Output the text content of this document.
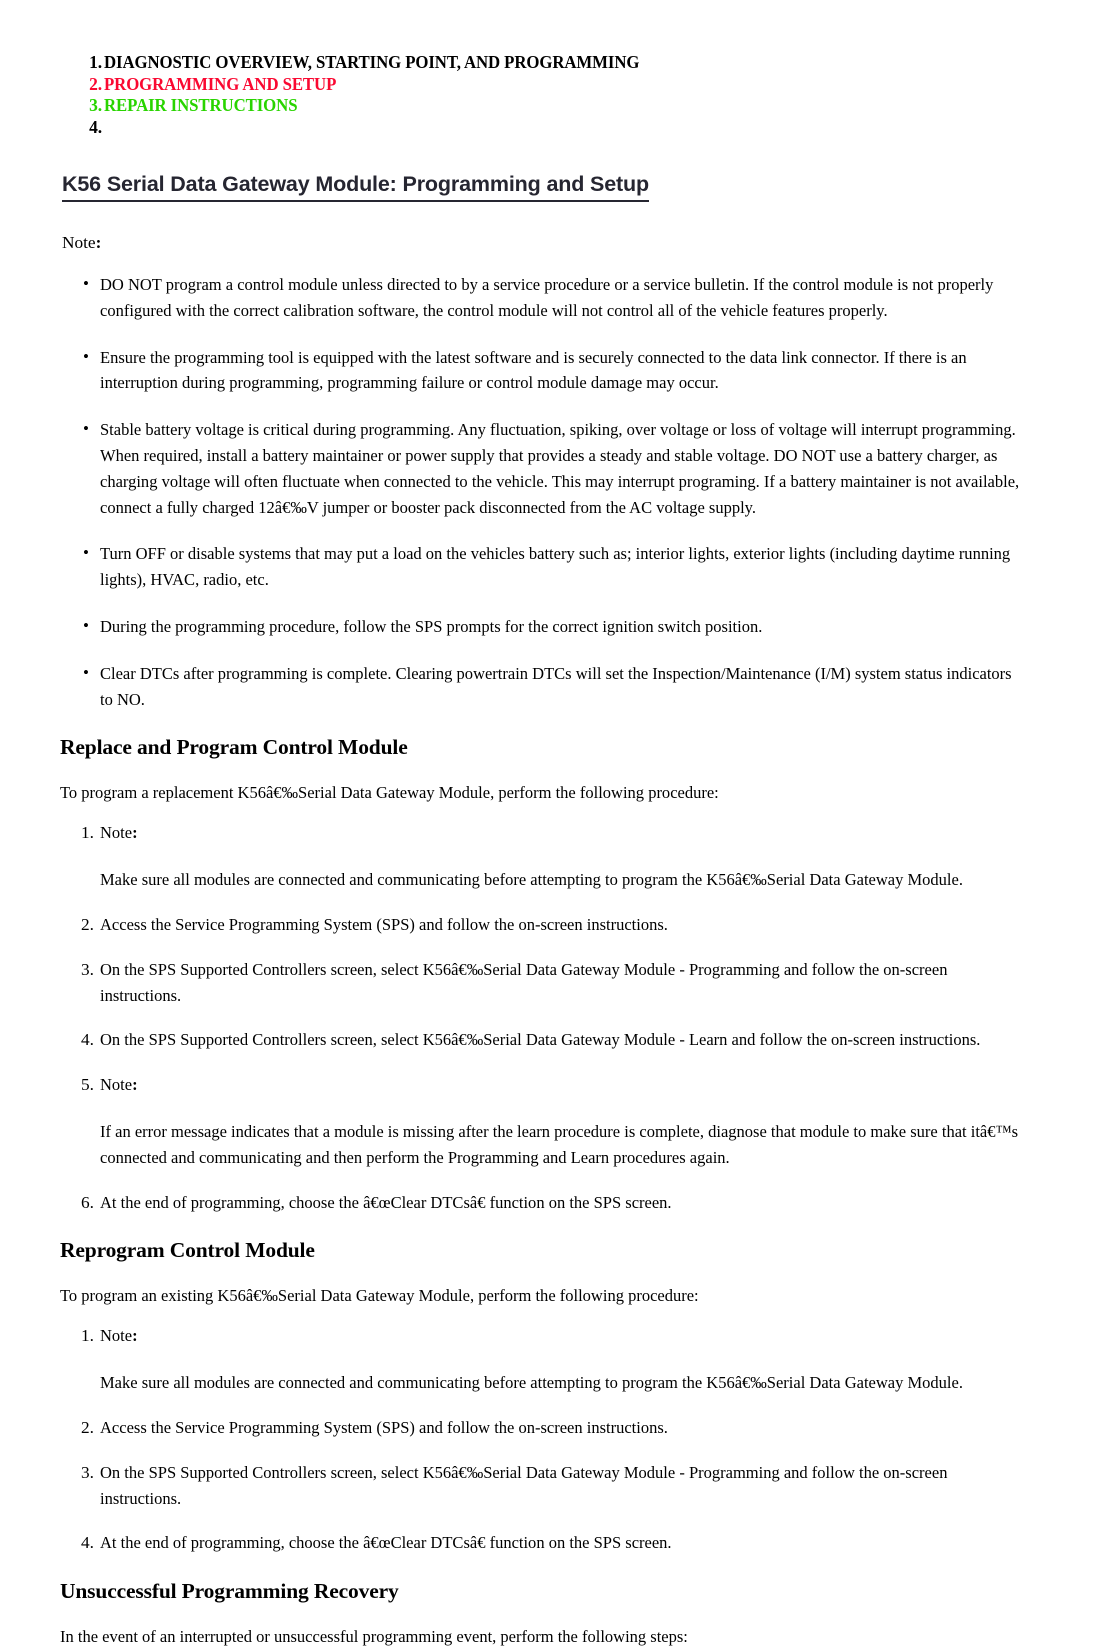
1. DIAGNOSTIC OVERVIEW, STARTING POINT, AND PROGRAMMING
2. PROGRAMMING AND SETUP
3. REPAIR INSTRUCTIONS
4.
K56 Serial Data Gateway Module: Programming and Setup
Note:
• DO NOT program a control module unless directed to by a service procedure or a service bulletin. If the control module is not properly configured with the correct calibration software, the control module will not control all of the vehicle features properly.
• Ensure the programming tool is equipped with the latest software and is securely connected to the data link connector. If there is an interruption during programming, programming failure or control module damage may occur.
• Stable battery voltage is critical during programming. Any fluctuation, spiking, over voltage or loss of voltage will interrupt programming. When required, install a battery maintainer or power supply that provides a steady and stable voltage. DO NOT use a battery charger, as charging voltage will often fluctuate when connected to the vehicle. This may interrupt programing. If a battery maintainer is not available, connect a fully charged 12â€‰V jumper or booster pack disconnected from the AC voltage supply.
• Turn OFF or disable systems that may put a load on the vehicles battery such as; interior lights, exterior lights (including daytime running lights), HVAC, radio, etc.
• During the programming procedure, follow the SPS prompts for the correct ignition switch position.
• Clear DTCs after programming is complete. Clearing powertrain DTCs will set the Inspection/Maintenance (I/M) system status indicators to NO.
Replace and Program Control Module

To program a replacement K56â€‰Serial Data Gateway Module, perform the following procedure:

1. Note:
Make sure all modules are connected and communicating before attempting to program the K56â€‰Serial Data Gateway Module.
2. Access the Service Programming System (SPS) and follow the on-screen instructions.
3. On the SPS Supported Controllers screen, select K56â€‰Serial Data Gateway Module - Programming and follow the on-screen instructions.
4. On the SPS Supported Controllers screen, select K56â€‰Serial Data Gateway Module - Learn and follow the on-screen instructions.
5. Note:
If an error message indicates that a module is missing after the learn procedure is complete, diagnose that module to make sure that itâ€™s connected and communicating and then perform the Programming and Learn procedures again.
6. At the end of programming, choose the â€œClear DTCsâ€ function on the SPS screen.
Reprogram Control Module

To program an existing K56â€‰Serial Data Gateway Module, perform the following procedure:

1. Note:
Make sure all modules are connected and communicating before attempting to program the K56â€‰Serial Data Gateway Module.
2. Access the Service Programming System (SPS) and follow the on-screen instructions.
3. On the SPS Supported Controllers screen, select K56â€‰Serial Data Gateway Module - Programming and follow the on-screen instructions.
4. At the end of programming, choose the â€œClear DTCsâ€ function on the SPS screen.
Unsuccessful Programming Recovery

In the event of an interrupted or unsuccessful programming event, perform the following steps:
